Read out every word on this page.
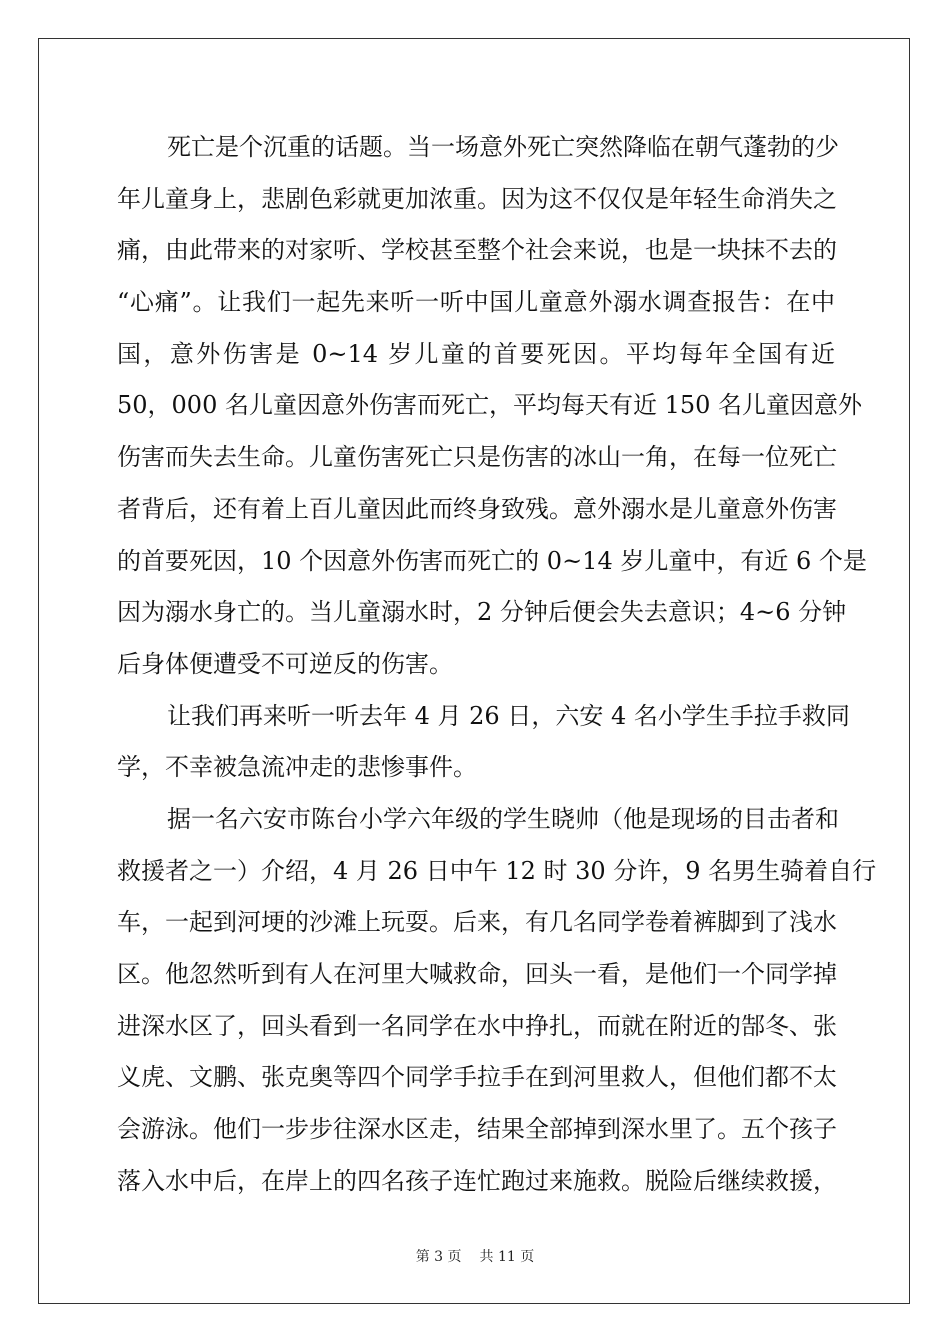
死亡是个沉重的话题。当一场意外死亡突然降临在朝气蓬勃的少
年儿童身上，悲剧色彩就更加浓重。因为这不仅仅是年轻生命消失之
痛，由此带来的对家听、学校甚至整个社会来说，也是一块抹不去的
“心痛”。让我们一起先来听一听中国儿童意外溺水调查报告：在中
国，意外伤害是 0~14 岁儿童的首要死因。平均每年全国有近
50，000 名儿童因意外伤害而死亡，平均每天有近 150 名儿童因意外
伤害而失去生命。儿童伤害死亡只是伤害的冰山一角，在每一位死亡
者背后，还有着上百儿童因此而终身致残。意外溺水是儿童意外伤害
的首要死因，10 个因意外伤害而死亡的 0~14 岁儿童中，有近 6 个是
因为溺水身亡的。当儿童溺水时，2 分钟后便会失去意识；4~6 分钟
后身体便遭受不可逆反的伤害。
让我们再来听一听去年 4 月 26 日，六安 4 名小学生手拉手救同
学，不幸被急流冲走的悲惨事件。
据一名六安市陈台小学六年级的学生晓帅（他是现场的目击者和
救援者之一）介绍，4 月 26 日中午 12 时 30 分许，9 名男生骑着自行
车，一起到河埂的沙滩上玩耍。后来，有几名同学卷着裤脚到了浅水
区。他忽然听到有人在河里大喊救命，回头一看，是他们一个同学掉
进深水区了，回头看到一名同学在水中挣扎，而就在附近的郜冬、张
义虎、文鹏、张克奥等四个同学手拉手在到河里救人，但他们都不太
会游泳。他们一步步往深水区走，结果全部掉到深水里了。五个孩子
落入水中后，在岸上的四名孩子连忙跑过来施救。脱险后继续救援，
第 3 页 共 11 页
